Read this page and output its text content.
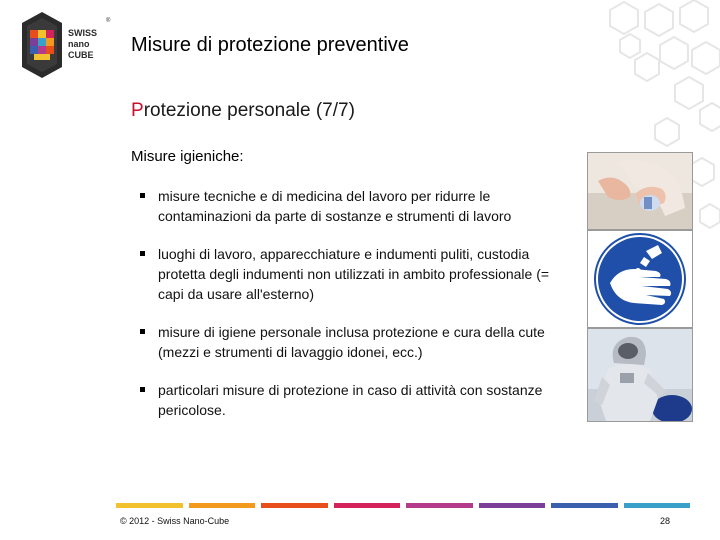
SWISS
nano
CUBE
®
Misure di protezione preventive
Protezione personale (7/7)
Misure igieniche:
misure tecniche e di medicina del lavoro per ridurre le contaminazioni da parte di sostanze e strumenti di lavoro
luoghi di lavoro, apparecchiature e indumenti puliti, custodia protetta degli indumenti non utilizzati in ambito professionale (= capi da usare all'esterno)
misure di igiene personale inclusa protezione e cura della cute (mezzi e strumenti di lavaggio idonei, ecc.)
particolari misure di protezione in caso di attività con sostanze pericolose.
© 2012 - Swiss Nano-Cube	28
